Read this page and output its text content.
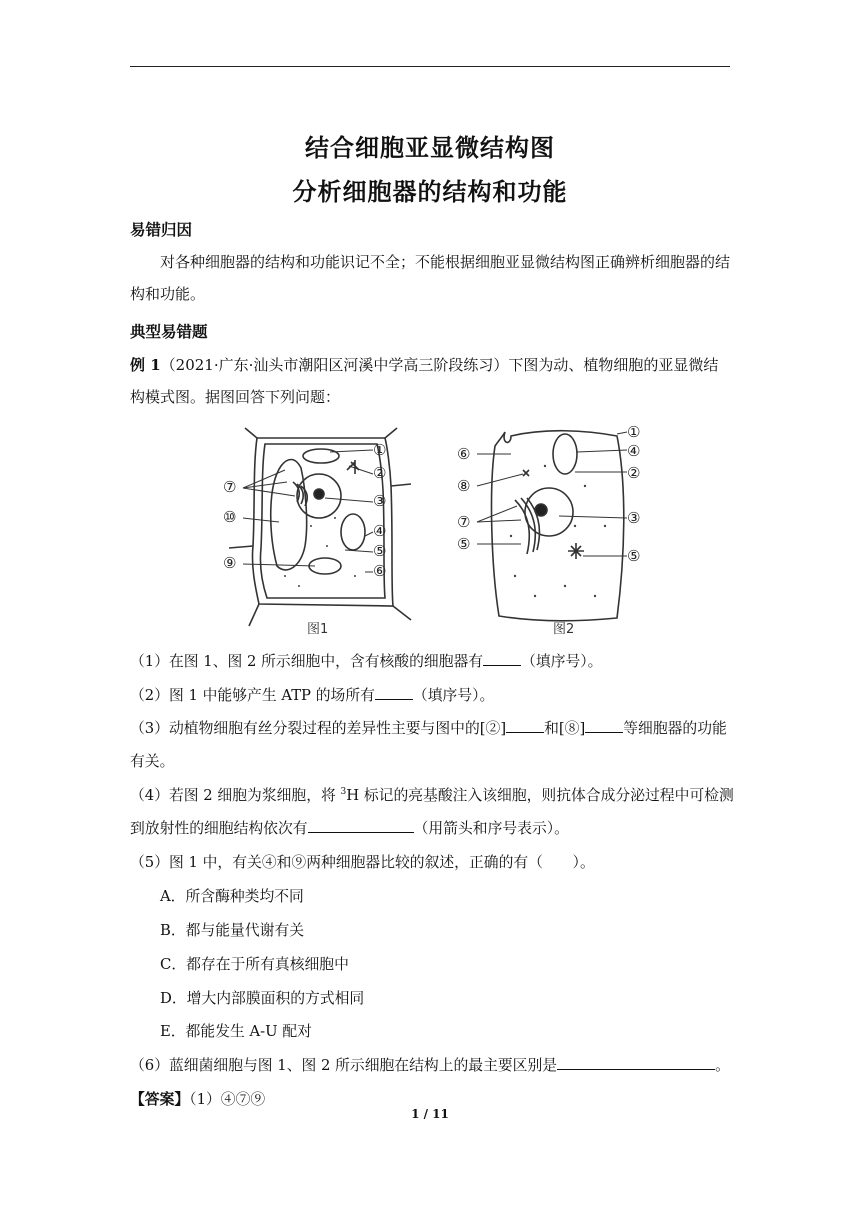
结合细胞亚显微结构图
分析细胞器的结构和功能
易错归因
对各种细胞器的结构和功能识记不全；不能根据细胞亚显微结构图正确辨析细胞器的结构和功能。
典型易错题
例 1（2021·广东·汕头市潮阳区河溪中学高三阶段练习）下图为动、植物细胞的亚显微结构模式图。据图回答下列问题：
①
②
③
④
⑤
⑥
⑦
⑩
⑨
图1
①
④
②
③
⑤
⑥
⑧
⑦
⑤
图2
（1）在图 1、图 2 所示细胞中，含有核酸的细胞器有	（填序号）。
（2）图 1 中能够产生 ATP 的场所有	（填序号）。
（3）动植物细胞有丝分裂过程的差异性主要与图中的[②]	和[⑧]	等细胞器的功能
有关。
（4）若图 2 细胞为浆细胞，将 $^3$H 标记的亮基酸注入该细胞，则抗体合成分泌过程中可检测
到放射性的细胞结构依次有	（用箭头和序号表示）。
（5）图 1 中，有关④和⑨两种细胞器比较的叙述，正确的有（　　）。
A．所含酶种类均不同
B．都与能量代谢有关
C．都存在于所有真核细胞中
D．增大内部膜面积的方式相同
E．都能发生 A-U 配对
（6）蓝细菌细胞与图 1、图 2 所示细胞在结构上的最主要区别是	。
【答案】（1）④⑦⑨
1 / 11
